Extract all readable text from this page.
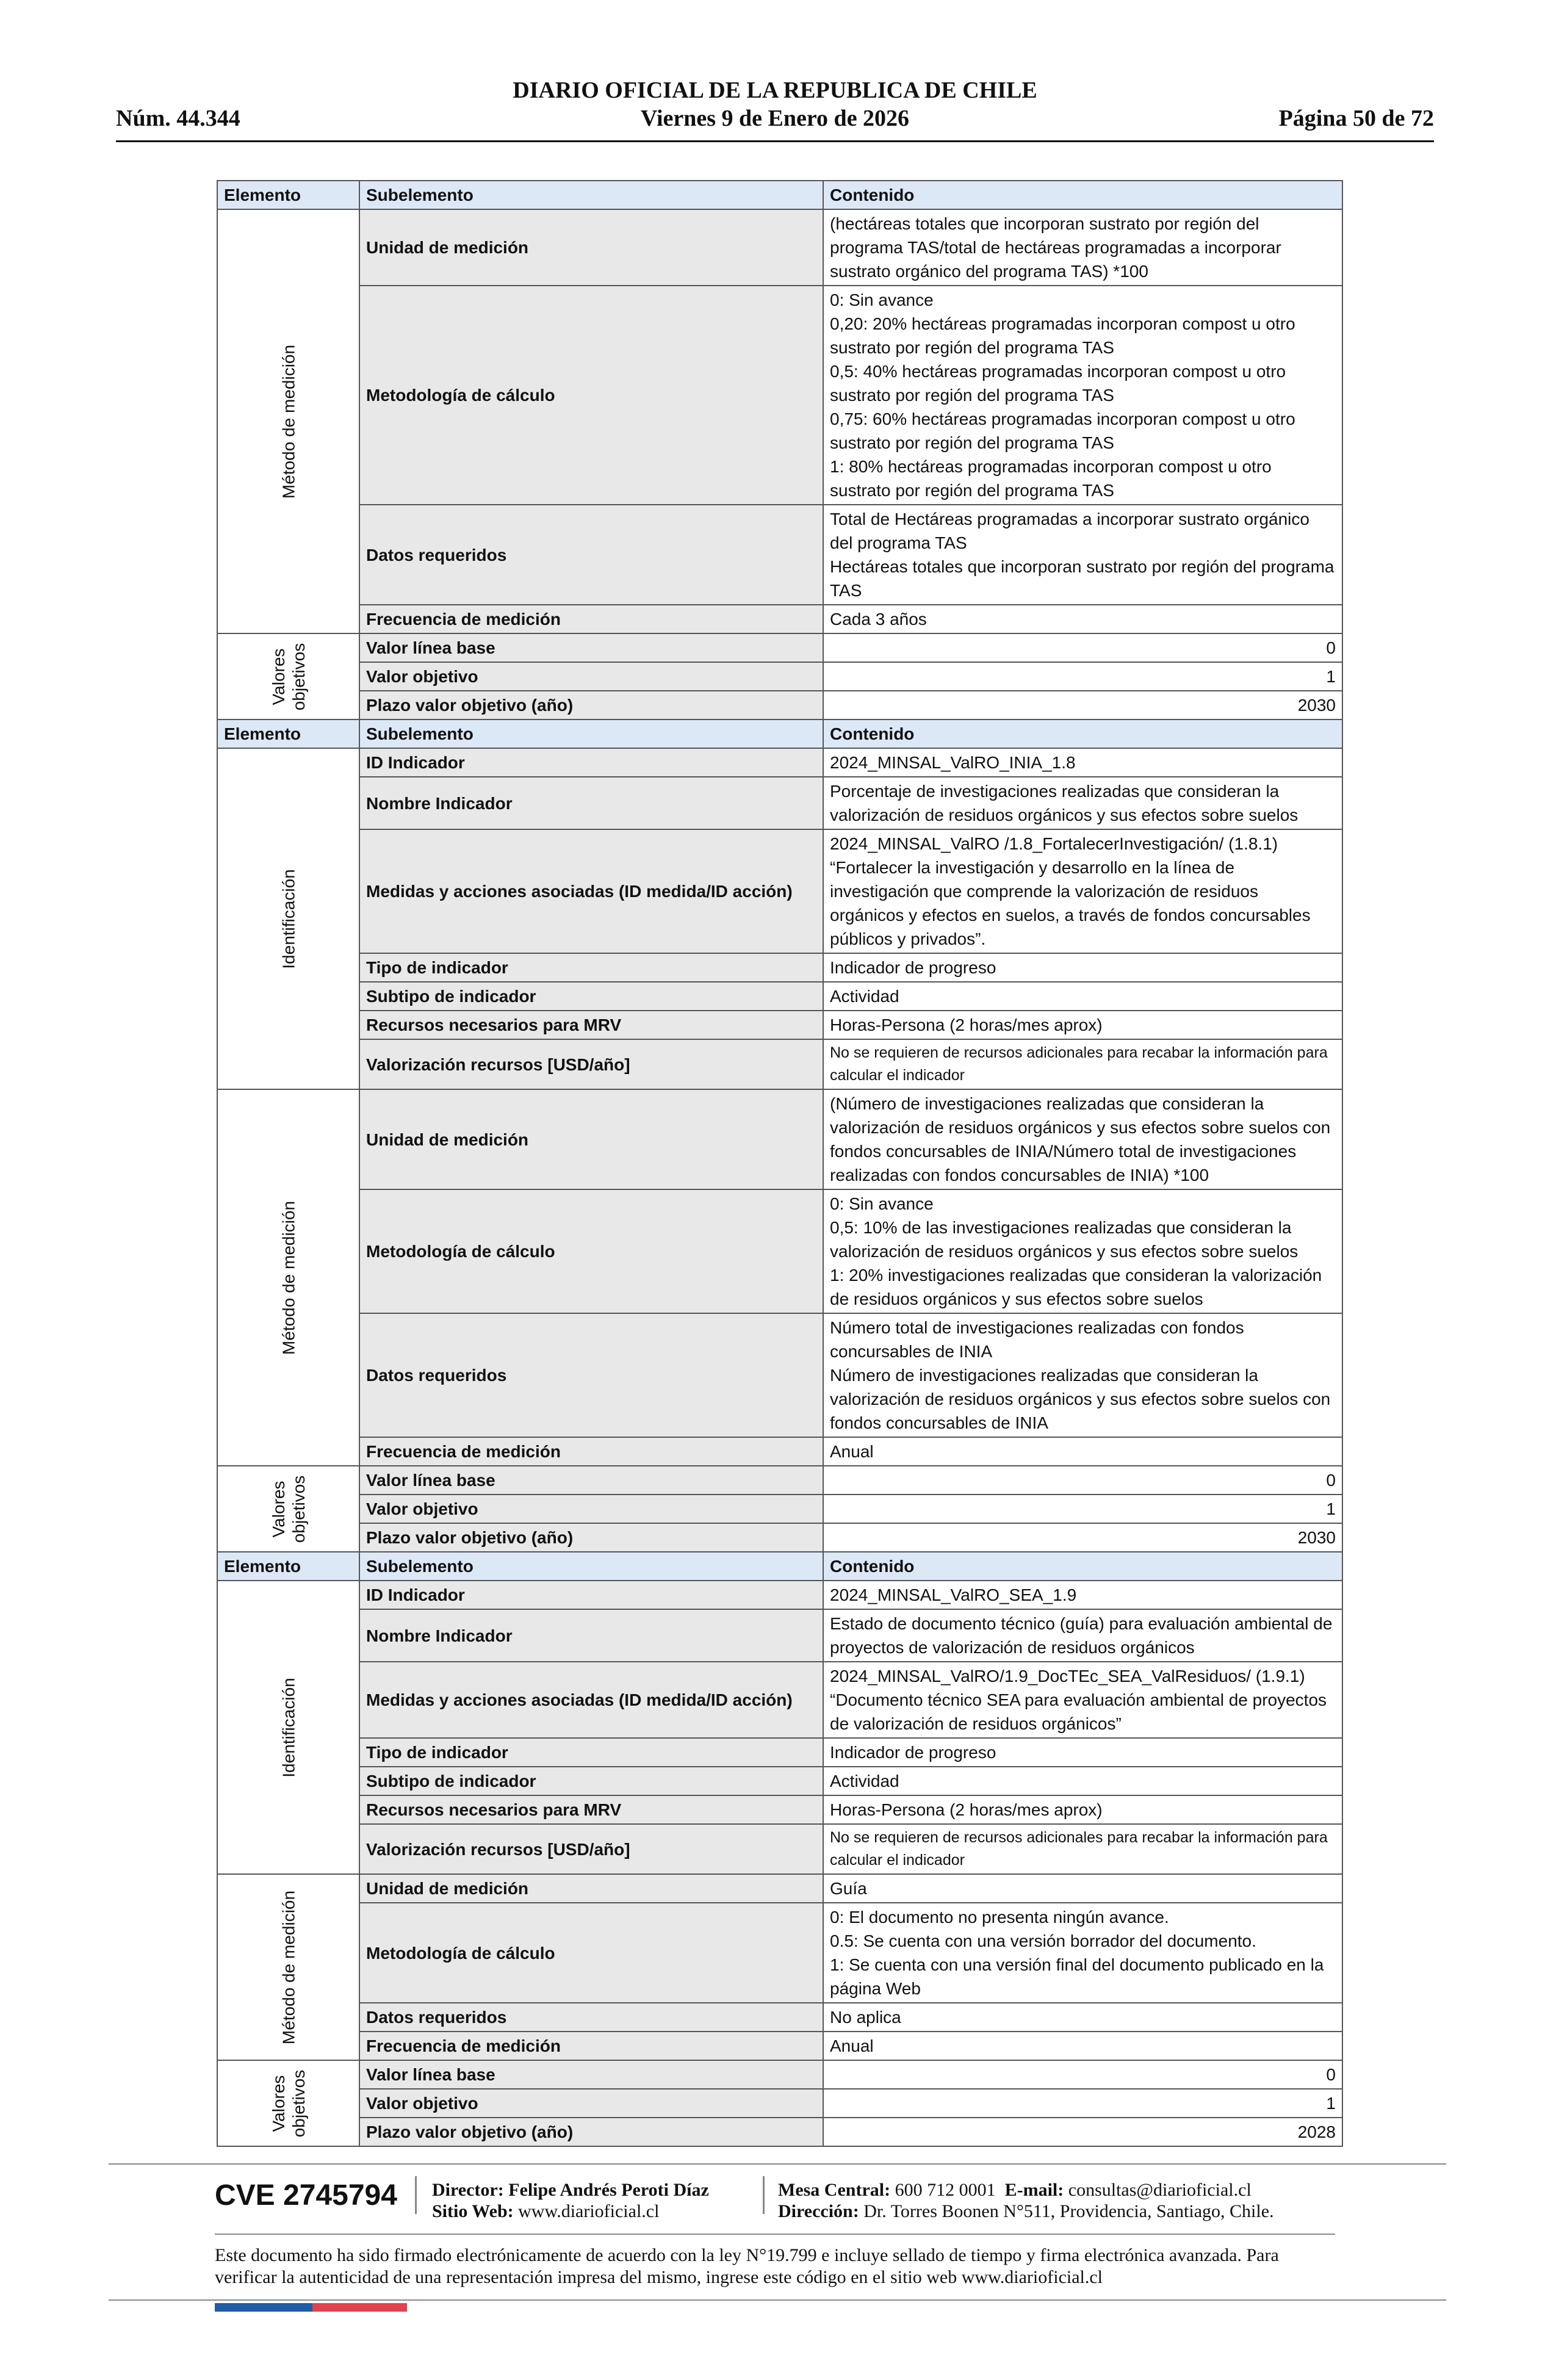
DIARIO OFICIAL DE LA REPUBLICA DE CHILE
Núm. 44.344	Viernes 9 de Enero de 2026	Página 50 de 72
Elemento	Subelemento	Contenido

Método de medición	Unidad de medición	(hectáreas totales que incorporan sustrato por región del programa TAS/total de hectáreas programadas a incorporar sustrato orgánico del programa TAS) *100
	Metodología de cálculo	0: Sin avance
0,20: 20% hectáreas programadas incorporan compost u otro sustrato por región del programa TAS
0,5: 40% hectáreas programadas incorporan compost u otro sustrato por región del programa TAS
0,75: 60% hectáreas programadas incorporan compost u otro sustrato por región del programa TAS
1: 80% hectáreas programadas incorporan compost u otro sustrato por región del programa TAS

	Datos requeridos	Total de Hectáreas programadas a incorporar sustrato orgánico del programa TAS
Hectáreas totales que incorporan sustrato por región del programa TAS

	Frecuencia de medición	Cada 3 años

Valores objetivos	Valor línea base	0
	Valor objetivo	1
	Plazo valor objetivo (año)	2030
Elemento	Subelemento	Contenido

Identificación	ID Indicador	2024_MINSAL_ValRO_INIA_1.8
	Nombre Indicador	Porcentaje de investigaciones realizadas que consideran la valorización de residuos orgánicos y sus efectos sobre suelos
	Medidas y acciones asociadas (ID medida/ID acción)	2024_MINSAL_ValRO /1.8_FortalecerInvestigación/ (1.8.1)
“Fortalecer la investigación y desarrollo en la línea de investigación que comprende la valorización de residuos orgánicos y efectos en suelos, a través de fondos concursables públicos y privados”.

	Tipo de indicador	Indicador de progreso
	Subtipo de indicador	Actividad
	Recursos necesarios para MRV	Horas-Persona (2 horas/mes aprox)
	Valorización recursos [USD/año]	No se requieren de recursos adicionales para recabar la información para calcular el indicador

Método de medición	Unidad de medición	(Número de investigaciones realizadas que consideran la valorización de residuos orgánicos y sus efectos sobre suelos con fondos concursables de INIA/Número total de investigaciones realizadas con fondos concursables de INIA) *100
	Metodología de cálculo	0: Sin avance
0,5: 10% de las investigaciones realizadas que consideran la valorización de residuos orgánicos y sus efectos sobre suelos
1: 20% investigaciones realizadas que consideran la valorización de residuos orgánicos y sus efectos sobre suelos

	Datos requeridos	Número total de investigaciones realizadas con fondos concursables de INIA
Número de investigaciones realizadas que consideran la valorización de residuos orgánicos y sus efectos sobre suelos con fondos concursables de INIA

	Frecuencia de medición	Anual

Valores objetivos	Valor línea base	0
	Valor objetivo	1
	Plazo valor objetivo (año)	2030
Elemento	Subelemento	Contenido

Identificación	ID Indicador	2024_MINSAL_ValRO_SEA_1.9
	Nombre Indicador	Estado de documento técnico (guía) para evaluación ambiental de proyectos de valorización de residuos orgánicos
	Medidas y acciones asociadas (ID medida/ID acción)	2024_MINSAL_ValRO/1.9_DocTEc_SEA_ValResiduos/ (1.9.1)
“Documento técnico SEA para evaluación ambiental de proyectos de valorización de residuos orgánicos”

	Tipo de indicador	Indicador de progreso
	Subtipo de indicador	Actividad
	Recursos necesarios para MRV	Horas-Persona (2 horas/mes aprox)
	Valorización recursos [USD/año]	No se requieren de recursos adicionales para recabar la información para calcular el indicador

Método de medición	Unidad de medición	Guía
	Metodología de cálculo	0: El documento no presenta ningún avance.
0.5: Se cuenta con una versión borrador del documento.
1: Se cuenta con una versión final del documento publicado en la página Web

	Datos requeridos	No aplica
	Frecuencia de medición	Anual

Valores objetivos	Valor línea base	0
	Valor objetivo	1
	Plazo valor objetivo (año)	2028
CVE 2745794 Director: Felipe Andrés Peroti Díaz
Sitio Web: www.diarioficial.cl
Mesa Central: 600 712 0001 E-mail: consultas@diarioficial.cl
Dirección: Dr. Torres Boonen N°511, Providencia, Santiago, Chile.
Este documento ha sido firmado electrónicamente de acuerdo con la ley N°19.799 e incluye sellado de tiempo y firma electrónica avanzada. Para verificar la autenticidad de una representación impresa del mismo, ingrese este código en el sitio web www.diarioficial.cl
